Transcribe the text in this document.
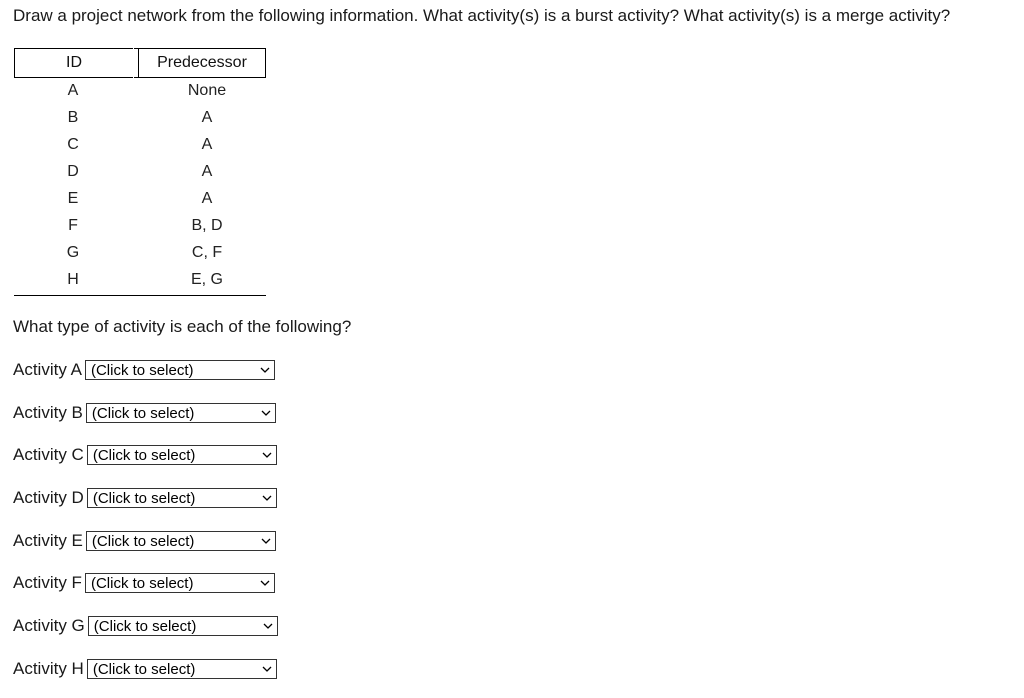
Draw a project network from the following information. What activity(s) is a burst activity? What activity(s) is a merge activity?
ID	Predecessor
A	None
B	A
C	A
D	A
E	A
F	B, D
G	C, F
H	E, G
What type of activity is each of the following?
Activity A (Click to select)
Activity B (Click to select)
Activity C (Click to select)
Activity D (Click to select)
Activity E (Click to select)
Activity F (Click to select)
Activity G (Click to select)
Activity H (Click to select)
